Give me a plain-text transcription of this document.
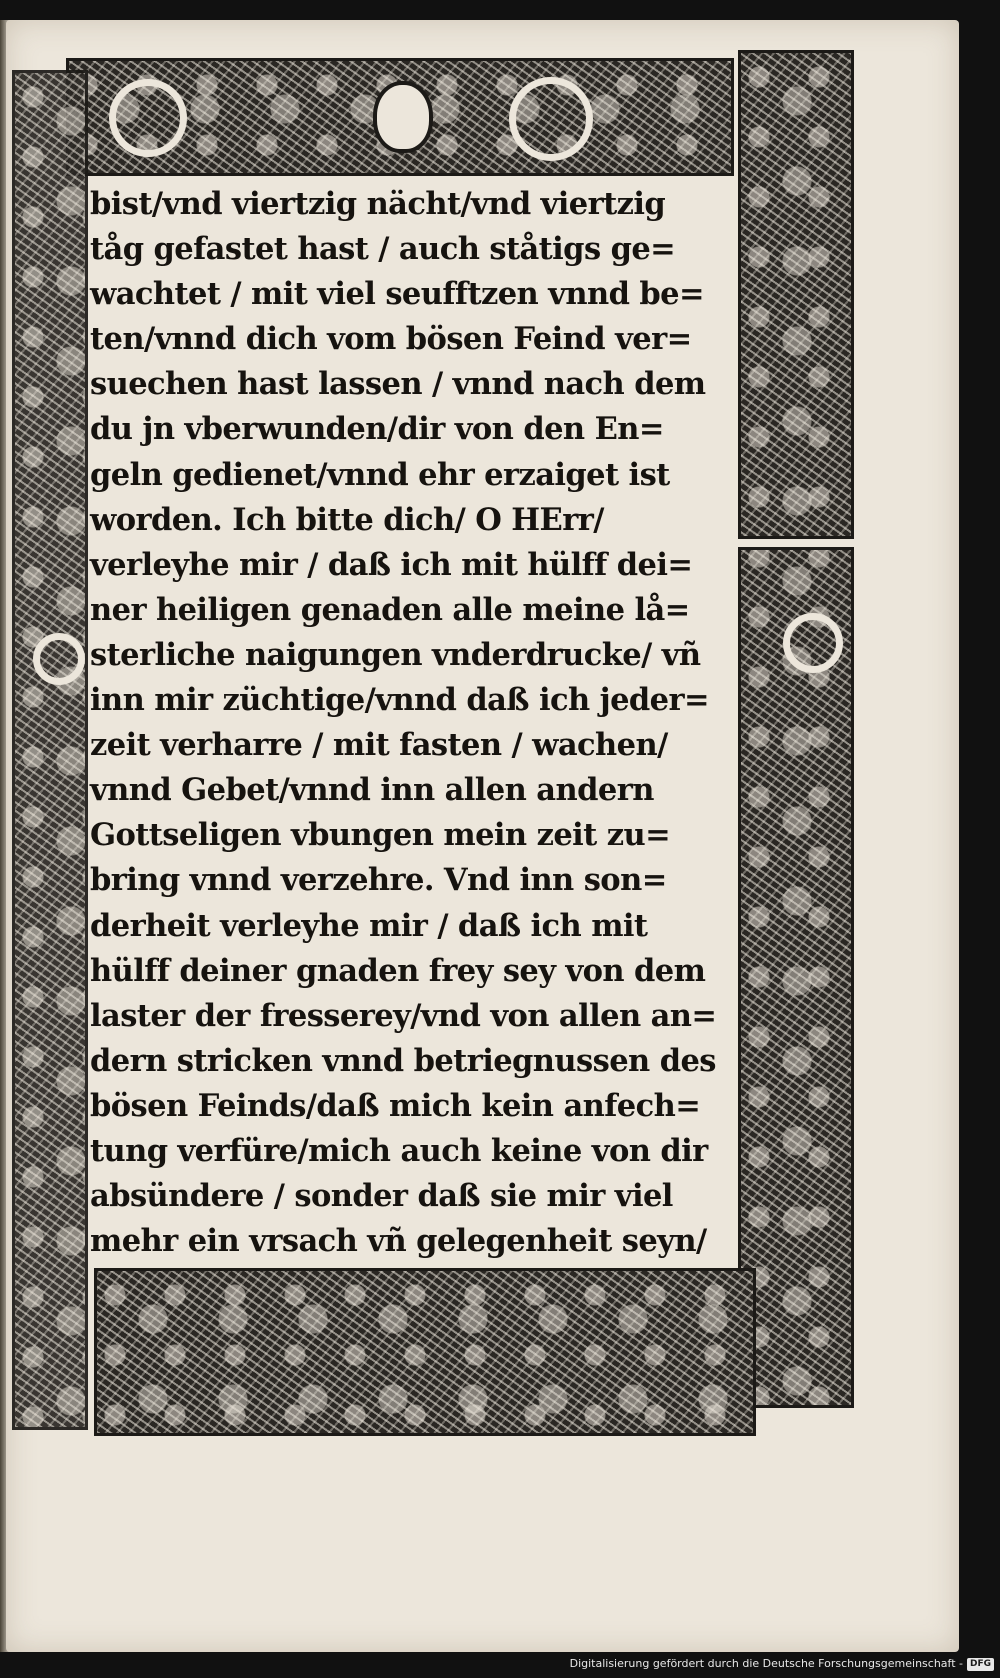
bist/vnd viertzig nächt/vnd viertzig
tåg gefastet hast / auch ståtigs ge=
wachtet / mit viel seufftzen vnnd be=
ten/vnnd dich vom bösen Feind ver=
suechen hast lassen / vnnd nach dem
du jn vberwunden/dir von den En=
geln gedienet/vnnd ehr erzaiget ist
worden. Ich bitte dich/ O HErr/
verleyhe mir / daß ich mit hülff dei=
ner heiligen genaden alle meine lå=
sterliche naigungen vnderdrucke/ vñ
inn mir züchtige/vnnd daß ich jeder=
zeit verharre / mit fasten / wachen/
vnnd Gebet/vnnd inn allen andern
Gottseligen vbungen mein zeit zu=
bring vnnd verzehre. Vnd inn son=
derheit verleyhe mir / daß ich mit
hülff deiner gnaden frey sey von dem
laster der fresserey/vnd von allen an=
dern stricken vnnd betriegnussen des
bösen Feinds/daß mich kein anfech=
tung verfüre/mich auch keine von dir
absündere / sonder daß sie mir viel
mehr ein vrsach vñ gelegenheit seyn/
Digitalisierung gefördert durch die Deutsche Forschungsgemeinschaft - DFG
